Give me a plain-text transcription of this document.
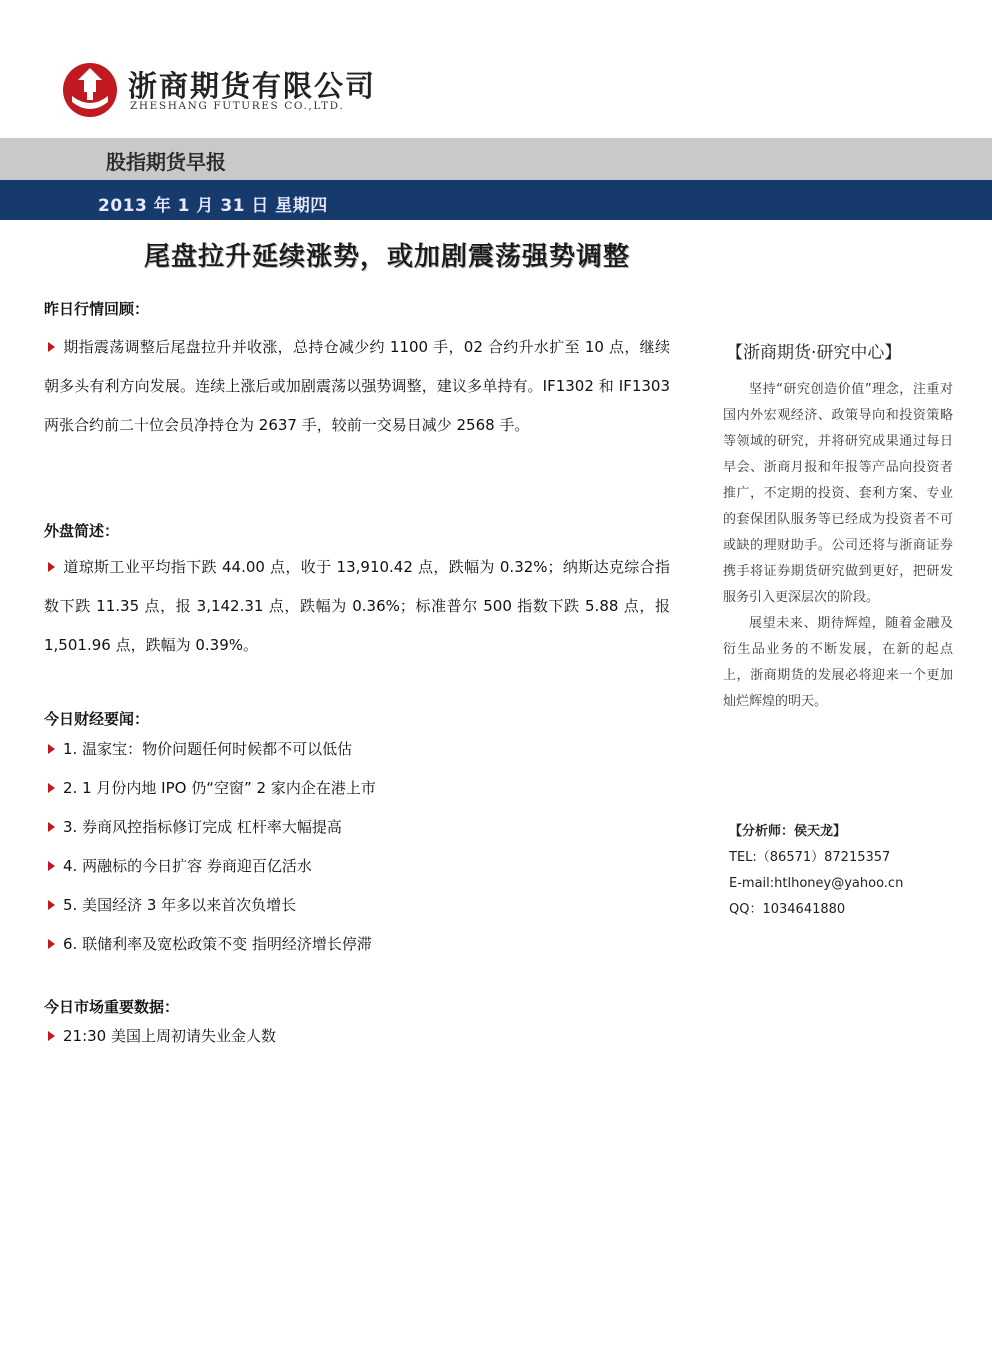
浙商期货有限公司
ZHESHANG FUTURES CO.,LTD.
股指期货早报
2013 年 1 月 31 日 星期四
尾盘拉升延续涨势，或加剧震荡强势调整
昨日行情回顾：
期指震荡调整后尾盘拉升并收涨，总持仓减少约 1100 手，02 合约升水扩至 10 点，继续朝多头有利方向发展。连续上涨后或加剧震荡以强势调整，建议多单持有。IF1302 和 IF1303 两张合约前二十位会员净持仓为 2637 手，较前一交易日减少 2568 手。
外盘简述：
道琼斯工业平均指下跌 44.00 点，收于 13,910.42 点，跌幅为 0.32%；纳斯达克综合指数下跌 11.35 点，报 3,142.31 点，跌幅为 0.36%；标准普尔 500 指数下跌 5.88 点，报 1,501.96 点，跌幅为 0.39%。
今日财经要闻：
1. 温家宝：物价问题任何时候都不可以低估
2. 1 月份内地 IPO 仍“空窗” 2 家内企在港上市
3. 券商风控指标修订完成 杠杆率大幅提高
4. 两融标的今日扩容 券商迎百亿活水
5. 美国经济 3 年多以来首次负增长
6. 联储利率及宽松政策不变 指明经济增长停滞
今日市场重要数据：
21:30 美国上周初请失业金人数
【浙商期货·研究中心】

坚持“研究创造价值”理念，注重对国内外宏观经济、政策导向和投资策略等领域的研究，并将研究成果通过每日早会、浙商月报和年报等产品向投资者推广，不定期的投资、套利方案、专业的套保团队服务等已经成为投资者不可或缺的理财助手。公司还将与浙商证券携手将证券期货研究做到更好，把研发服务引入更深层次的阶段。

展望未来、期待辉煌，随着金融及衍生品业务的不断发展，在新的起点上，浙商期货的发展必将迎来一个更加灿烂辉煌的明天。

【分析师：侯天龙】
TEL:（86571）87215357
E-mail:htlhoney@yahoo.cn
QQ：1034641880
